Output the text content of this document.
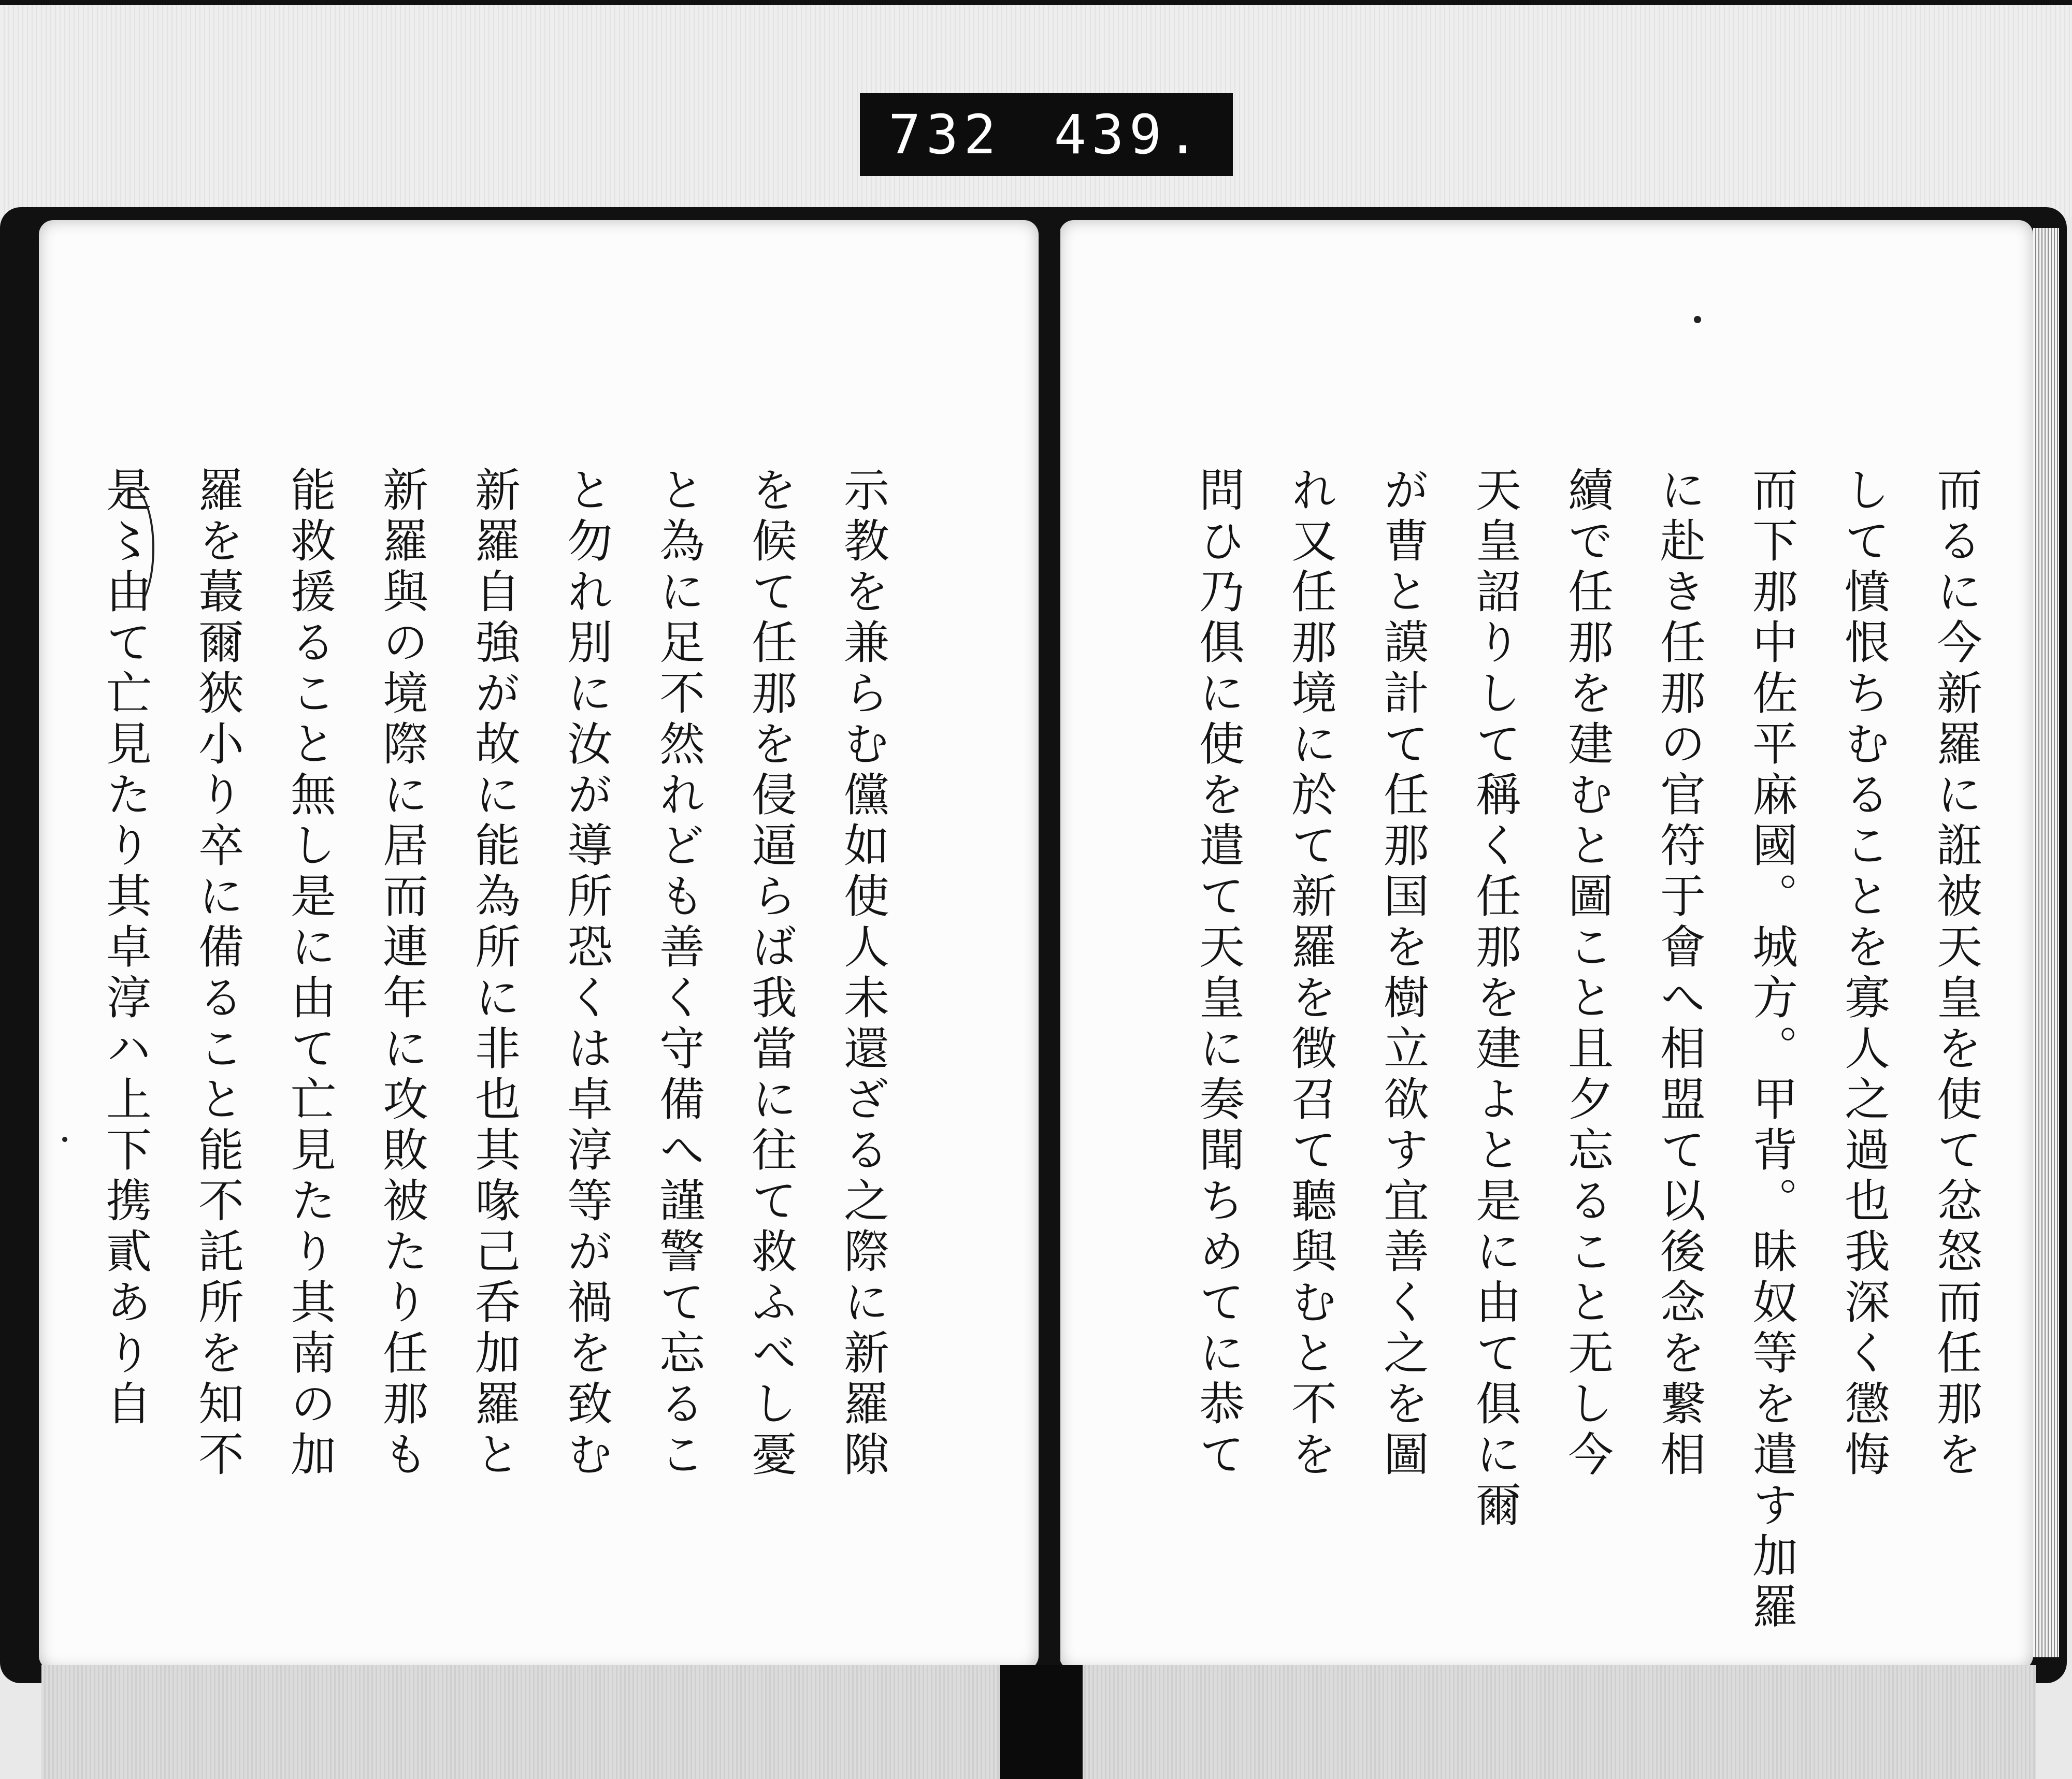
732 439.
示教を兼らむ儻如使人未還ざる之際に新羅隙
を候て任那を侵逼らば我當に往て救ふべし憂
と為に足不然れども善く守備へ謹警て忘るこ
と勿れ別に汝が導所恐くは卓淳等が禍を致む
新羅自強が故に能為所に非也其喙己呑加羅と
新羅與の境際に居而連年に攻敗被たり任那も
能救援ること無し是に由て亡見たり其南の加
羅を蕞爾狹小り卒に備ること能不託所を知不
是〻由て亡見たり其卓淳ハ上下携貳あり自	而るに今新羅に誑被天皇を使て忿怒而任那を
して憤恨ちむることを寡人之過也我深く懲悔
而下那中佐平麻國。城方。甲背。昧奴等を遣す加羅
に赴き任那の官符于會へ相盟て以後念を繋相
續で任那を建むと圖こと且夕忘ること无し今
天皇詔りして稱く任那を建よと是に由て俱に爾
が曹と謨計て任那国を樹立欲す宜善く之を圖
れ又任那境に於て新羅を徴召て聽與むと不を
問ひ乃俱に使を遣て天皇に奏聞ちめてに恭て
